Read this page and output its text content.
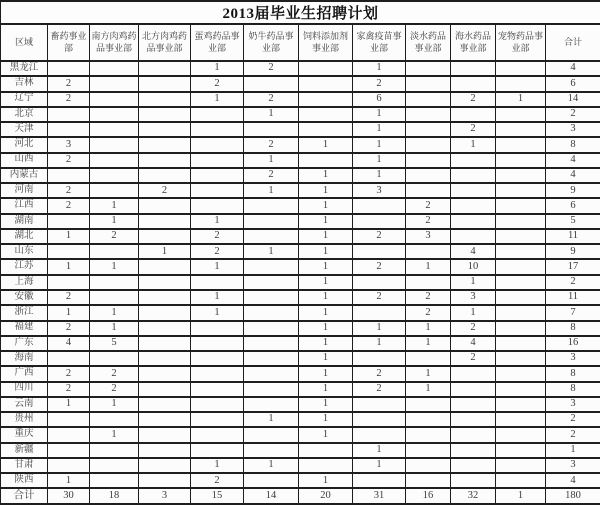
2013届毕业生招聘计划											
区域	畜药事业部	南方肉鸡药品事业部	北方肉鸡药品事业部	蛋鸡药品事业部	奶牛药品事业部	饲料添加剂事业部	家禽疫苗事业部	淡水药品事业部	海水药品事业部	宠物药品事业部	合计
黑龙江				1	2		1				4
吉林	2			2			2				6
辽宁	2			1	2		6		2	1	14
北京					1		1				2
天津							1		2		3
河北	3				2	1	1		1		8
山西	2				1		1				4
内蒙古					2	1	1				4
河南	2		2		1	1	3				9
江西	2	1				1		2			6
湖南		1		1		1		2			5
湖北	1	2		2		1	2	3			11
山东			1	2	1	1			4		9
江苏	1	1		1		1	2	1	10		17
上海						1			1		2
安徽	2			1		1	2	2	3		11
浙江	1	1		1		1		2	1		7
福建	2	1				1	1	1	2		8
广东	4	5				1	1	1	4		16
海南						1			2		3
广西	2	2				1	2	1			8
四川	2	2				1	2	1			8
云南	1	1				1					3
贵州					1	1					2
重庆		1				1					2
新疆							1				1
甘肃				1	1		1				3
陕西	1			2		1					4
合计	30	18	3	15	14	20	31	16	32	1	180
